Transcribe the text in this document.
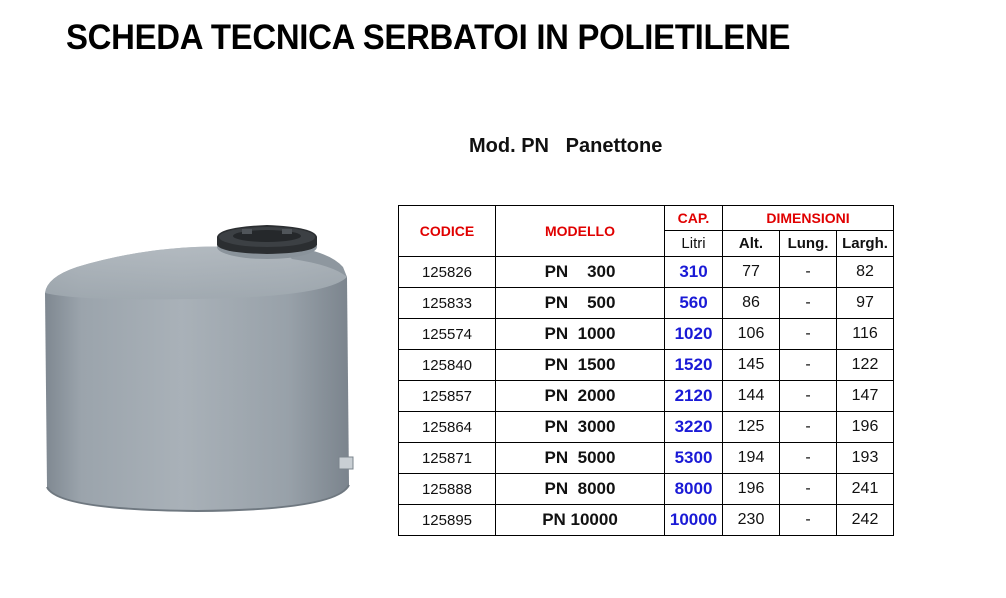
SCHEDA TECNICA SERBATOI IN POLIETILENE
Mod. PN   Panettone
CODICE	MODELLO	CAP.	DIMENSIONI		
		Litri	Alt.	Lung.	Largh.
125826	PN    300	310	77	-	82
125833	PN    500	560	86	-	97
125574	PN  1000	1020	106	-	116
125840	PN  1500	1520	145	-	122
125857	PN  2000	2120	144	-	147
125864	PN  3000	3220	125	-	196
125871	PN  5000	5300	194	-	193
125888	PN  8000	8000	196	-	241
125895	PN 10000	10000	230	-	242
